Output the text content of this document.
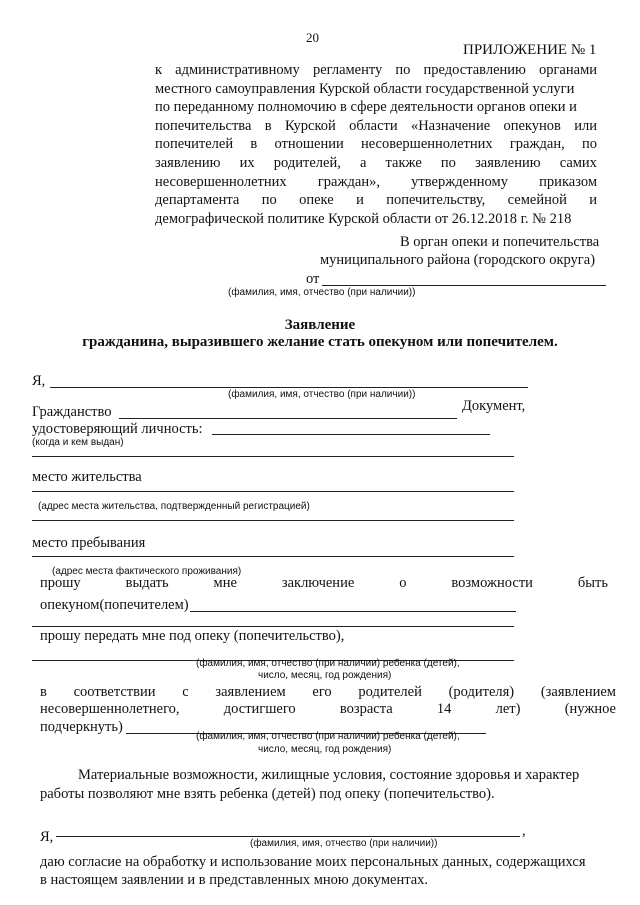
20
ПРИЛОЖЕНИЕ № 1
к административному регламенту по предоставлению органами
местного самоуправления Курской области государственной услуги
по переданному полномочию в сфере деятельности органов опеки и
попечительства в Курской области «Назначение опекунов или
попечителей в отношении несовершеннолетних граждан, по
заявлению их родителей, а также по заявлению самих
несовершеннолетних граждан», утвержденному приказом
департамента по опеке и попечительству, семейной и
демографической политике Курской области от 26.12.2018 г. № 218
В орган опеки и попечительства
муниципального района (городского округа)
от
(фамилия, имя, отчество (при наличии))
Заявление
гражданина, выразившего желание стать опекуном или попечителем.
Я,
(фамилия, имя, отчество (при наличии))
Гражданство	Документ,
удостоверяющий личность:
(когда и кем выдан)
место жительства
(адрес места жительства, подтвержденный регистрацией)
место пребывания
(адрес места фактического проживания)
прошу	выдать	мне	заключение	о	возможности	быть
опекуном(попечителем)
прошу передать мне под опеку (попечительство),
(фамилия, имя, отчество (при наличии) ребенка (детей),
число, месяц, год рождения)
в соответствии с заявлением его родителей (родителя) (заявлением
несовершеннолетнего,	достигшего	возраста	14	лет)	(нужное
подчеркнуть)
(фамилия, имя, отчество (при наличии) ребенка (детей),
число, месяц, год рождения)
Материальные возможности, жилищные условия, состояние здоровья и характер
работы позволяют мне взять ребенка (детей) под опеку (попечительство).
Я,	,
(фамилия, имя, отчество (при наличии))
даю согласие на обработку и использование моих персональных данных, содержащихся
в настоящем заявлении и в представленных мною документах.
